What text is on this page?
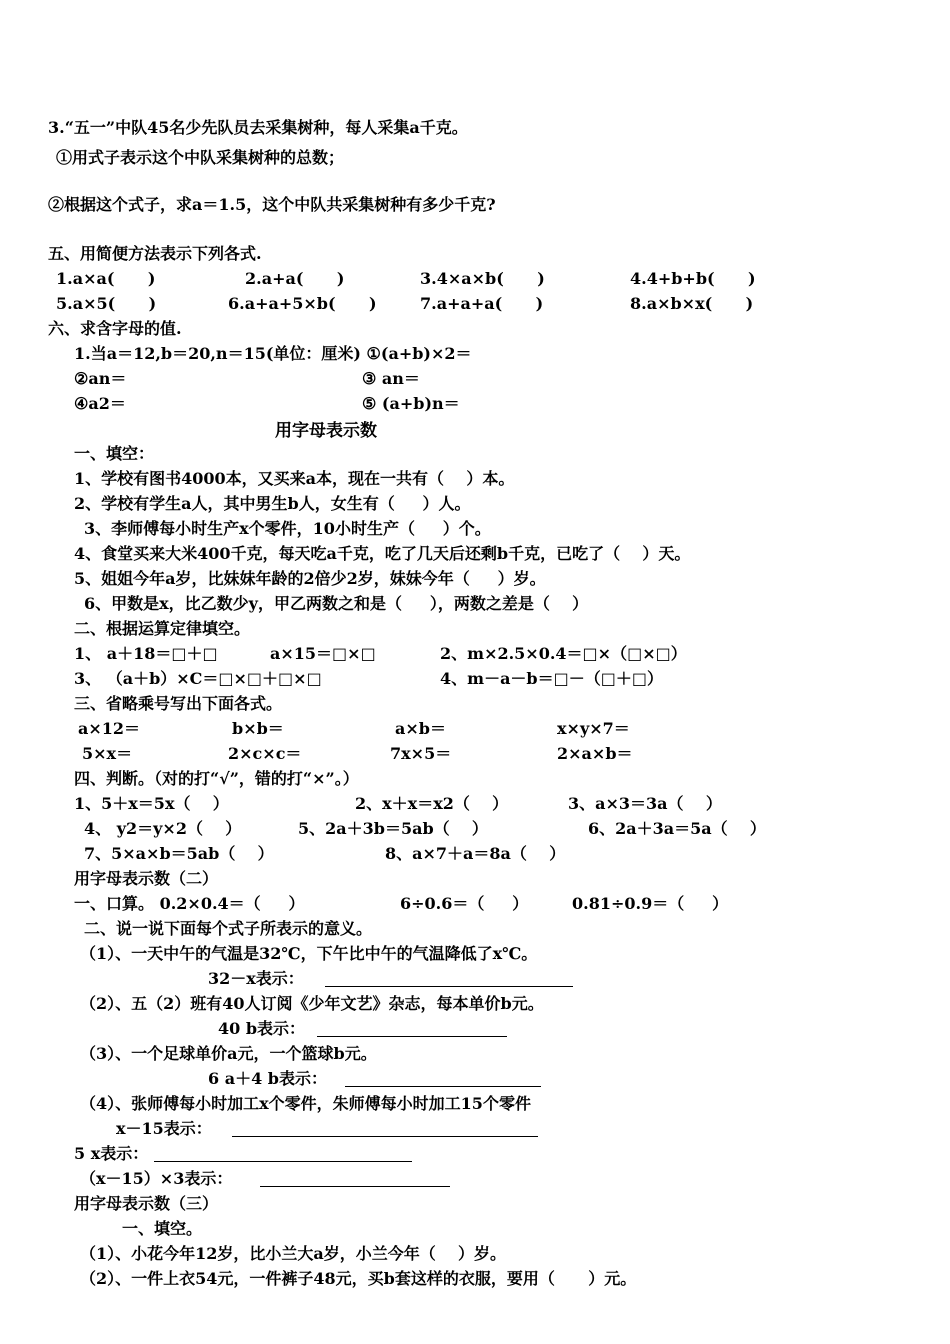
3.“五一”中队45名少先队员去采集树种，每人采集a千克。
①用式子表示这个中队采集树种的总数；
②根据这个式子，求a＝1.5，这个中队共采集树种有多少千克?
五、用简便方法表示下列各式.
1.a×a(      )	2.a+a(      )	3.4×a×b(      )	4.4+b+b(      )
5.a×5(      )	6.a+a+5×b(      )	7.a+a+a(      )	8.a×b×x(      )
六、求含字母的值.
1.当a＝12,b＝20,n＝15(单位：厘米) ①(a+b)×2＝
②an＝	③ an＝
④a2＝	⑤ (a+b)n＝
用字母表示数
一、填空：
1、学校有图书4000本，又买来a本，现在一共有（    ）本。
2、学校有学生a人，其中男生b人，女生有（     ）人。
3、李师傅每小时生产x个零件，10小时生产（     ）个。
4、食堂买来大米400千克，每天吃a千克，吃了几天后还剩b千克，已吃了（    ）天。
5、姐姐今年a岁，比妹妹年龄的2倍少2岁，妹妹今年（     ）岁。
6、甲数是x，比乙数少y，甲乙两数之和是（     ），两数之差是（    ）
二、根据运算定律填空。
1、 a＋18＝□＋□	a×15＝□×□	2、m×2.5×0.4＝□×（□×□）
3、 （a＋b）×C＝□×□＋□×□	4、m－a－b＝□－（□＋□）
三、省略乘号写出下面各式。
a×12＝	b×b＝	a×b＝	x×y×7＝
5×x＝	2×c×c＝	7x×5＝	2×a×b＝
四、判断。（对的打“√”，错的打“×”。）
1、5＋x＝5x（    ）	2、x＋x＝x2（    ）	3、a×3＝3a（    ）
4、 y2＝y×2（    ）	5、2a＋3b＝5ab（    ）	6、2a＋3a＝5a（    ）
7、5×a×b＝5ab（    ）	8、a×7＋a＝8a（    ）
用字母表示数（二）
一、口算。 0.2×0.4＝（     ）	6÷0.6＝（     ）	0.81÷0.9＝（     ）
二、说一说下面每个式子所表示的意义。
（1）、一天中午的气温是32℃，下午比中午的气温降低了x℃。
32－x表示：
（2）、五（2）班有40人订阅《少年文艺》杂志，每本单价b元。
40 b表示：
（3）、一个足球单价a元，一个篮球b元。
6 a＋4 b表示：
（4）、张师傅每小时加工x个零件，朱师傅每小时加工15个零件
x－15表示：
5 x表示：
（x－15）×3表示：
用字母表示数（三）
一、填空。
（1）、小花今年12岁，比小兰大a岁，小兰今年（    ）岁。
（2）、一件上衣54元，一件裤子48元，买b套这样的衣服，要用（      ）元。
